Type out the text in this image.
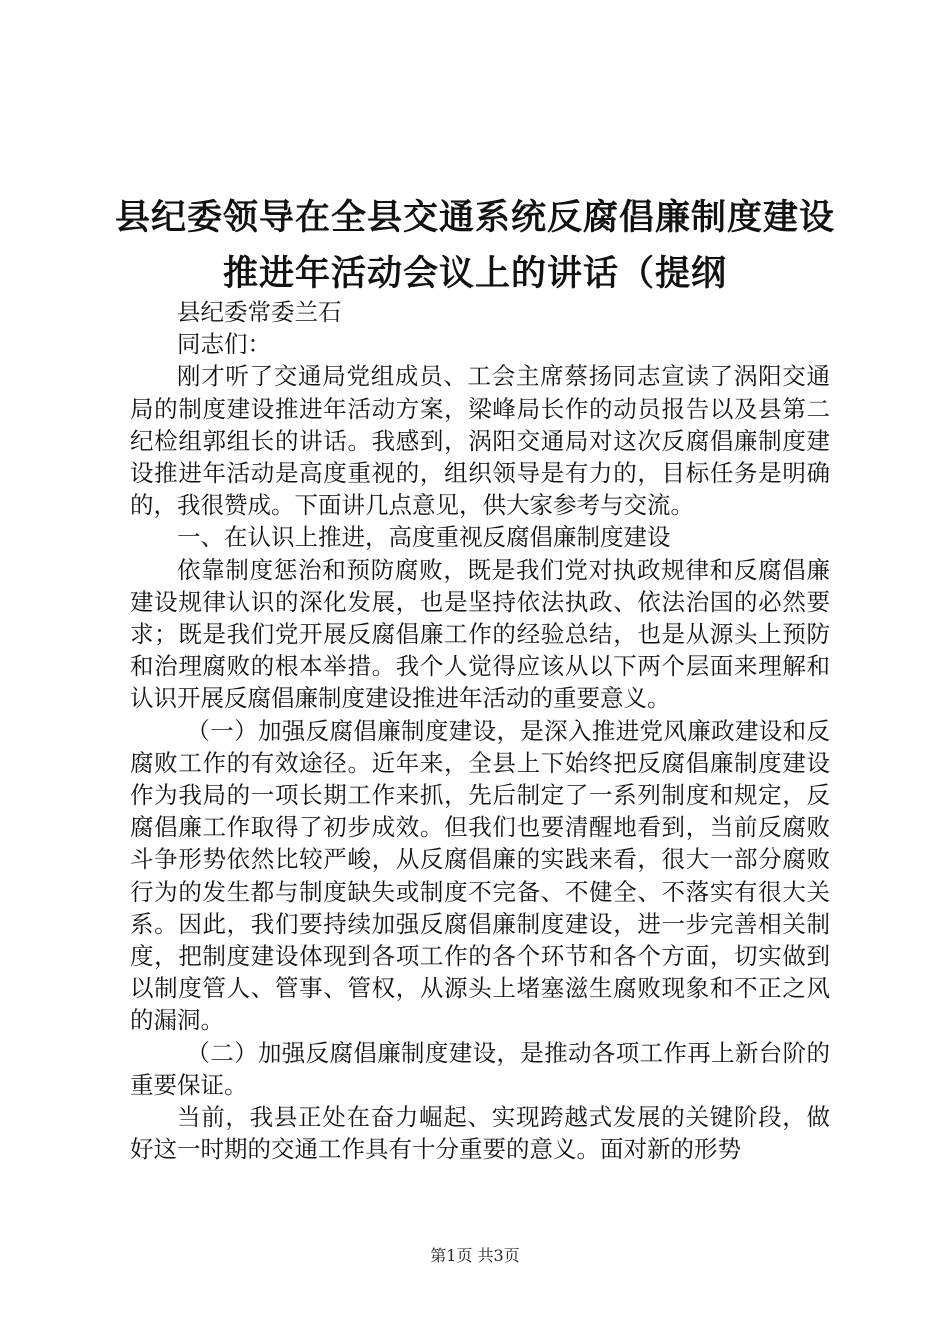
县纪委领导在全县交通系统反腐倡廉制度建设
推进年活动会议上的讲话（提纲

县纪委常委兰石

同志们：

刚才听了交通局党组成员、工会主席蔡扬同志宣读了涡阳交通局的制度建设推进年活动方案，梁峰局长作的动员报告以及县第二纪检组郭组长的讲话。我感到，涡阳交通局对这次反腐倡廉制度建设推进年活动是高度重视的，组织领导是有力的，目标任务是明确的，我很赞成。下面讲几点意见，供大家参考与交流。

一、在认识上推进，高度重视反腐倡廉制度建设

依靠制度惩治和预防腐败，既是我们党对执政规律和反腐倡廉建设规律认识的深化发展，也是坚持依法执政、依法治国的必然要求；既是我们党开展反腐倡廉工作的经验总结，也是从源头上预防和治理腐败的根本举措。我个人觉得应该从以下两个层面来理解和认识开展反腐倡廉制度建设推进年活动的重要意义。

（一）加强反腐倡廉制度建设，是深入推进党风廉政建设和反腐败工作的有效途径。近年来，全县上下始终把反腐倡廉制度建设作为我局的一项长期工作来抓，先后制定了一系列制度和规定，反腐倡廉工作取得了初步成效。但我们也要清醒地看到，当前反腐败斗争形势依然比较严峻，从反腐倡廉的实践来看，很大一部分腐败行为的发生都与制度缺失或制度不完备、不健全、不落实有很大关系。因此，我们要持续加强反腐倡廉制度建设，进一步完善相关制度，把制度建设体现到各项工作的各个环节和各个方面，切实做到以制度管人、管事、管权，从源头上堵塞滋生腐败现象和不正之风的漏洞。

（二）加强反腐倡廉制度建设，是推动各项工作再上新台阶的重要保证。

当前，我县正处在奋力崛起、实现跨越式发展的关键阶段，做好这一时期的交通工作具有十分重要的意义。面对新的形势

第1页 共3页
